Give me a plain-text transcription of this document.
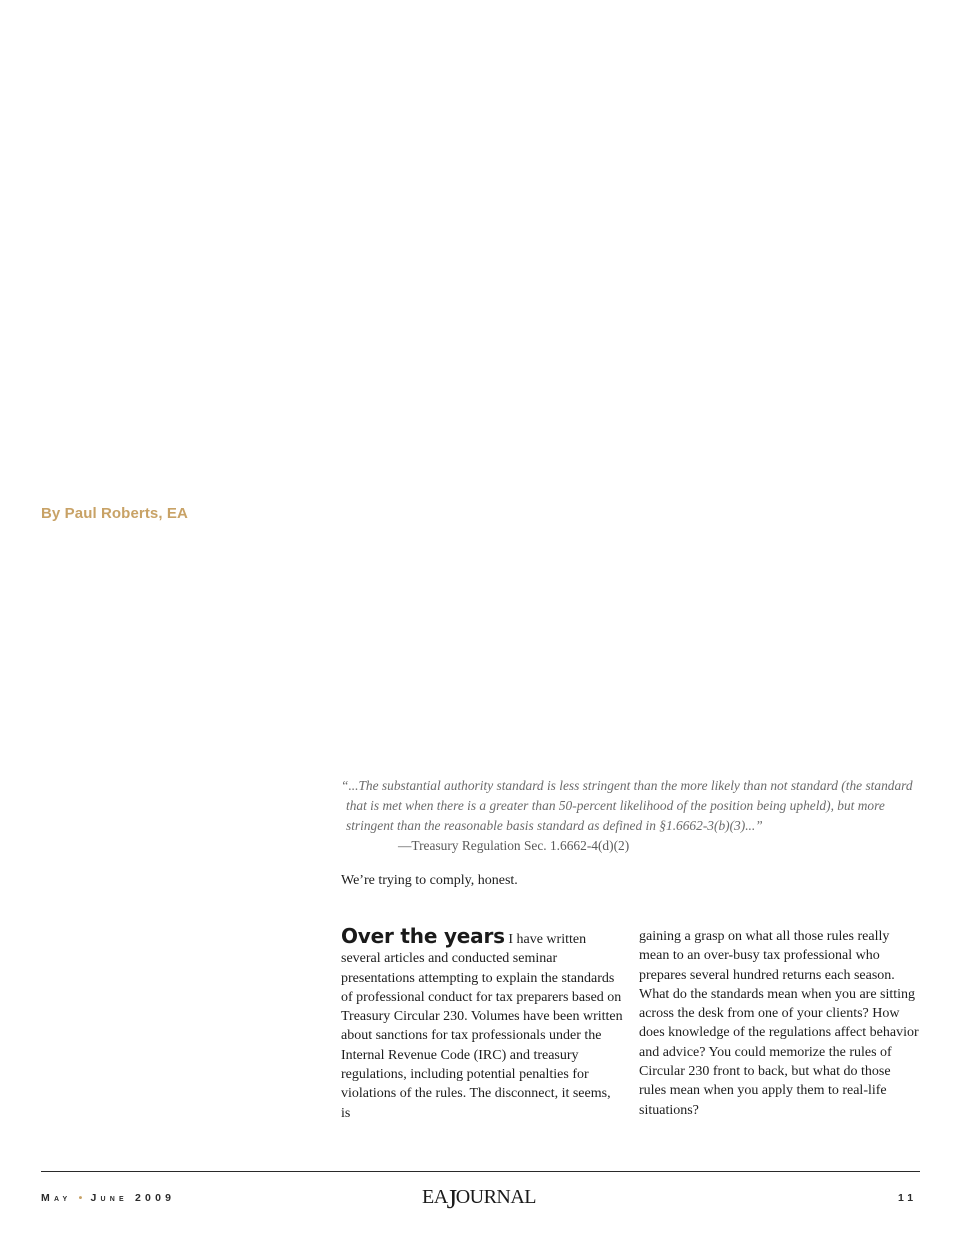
By Paul Roberts, EA
“...The substantial authority standard is less stringent than the more likely than not standard (the standard that is met when there is a greater than 50-percent likelihood of the position being upheld), but more stringent than the reasonable basis standard as defined in §1.6662-3(b)(3)...”
—Treasury Regulation Sec. 1.6662-4(d)(2)
We’re trying to comply, honest.

Over the years I have written several articles and conducted seminar presentations attempting to explain the standards of professional conduct for tax preparers based on Treasury Circular 230. Volumes have been written about sanctions for tax professionals under the Internal Revenue Code (IRC) and treasury regulations, including potential penalties for violations of the rules. The disconnect, it seems, is

gaining a grasp on what all those rules really mean to an over-busy tax professional who prepares several hundred returns each season. What do the standards mean when you are sitting across the desk from one of your clients? How does knowledge of the regulations affect behavior and advice? You could memorize the rules of Circular 230 front to back, but what do those rules mean when you apply them to real-life situations?

May • June 2009	EAJOURNAL	11
